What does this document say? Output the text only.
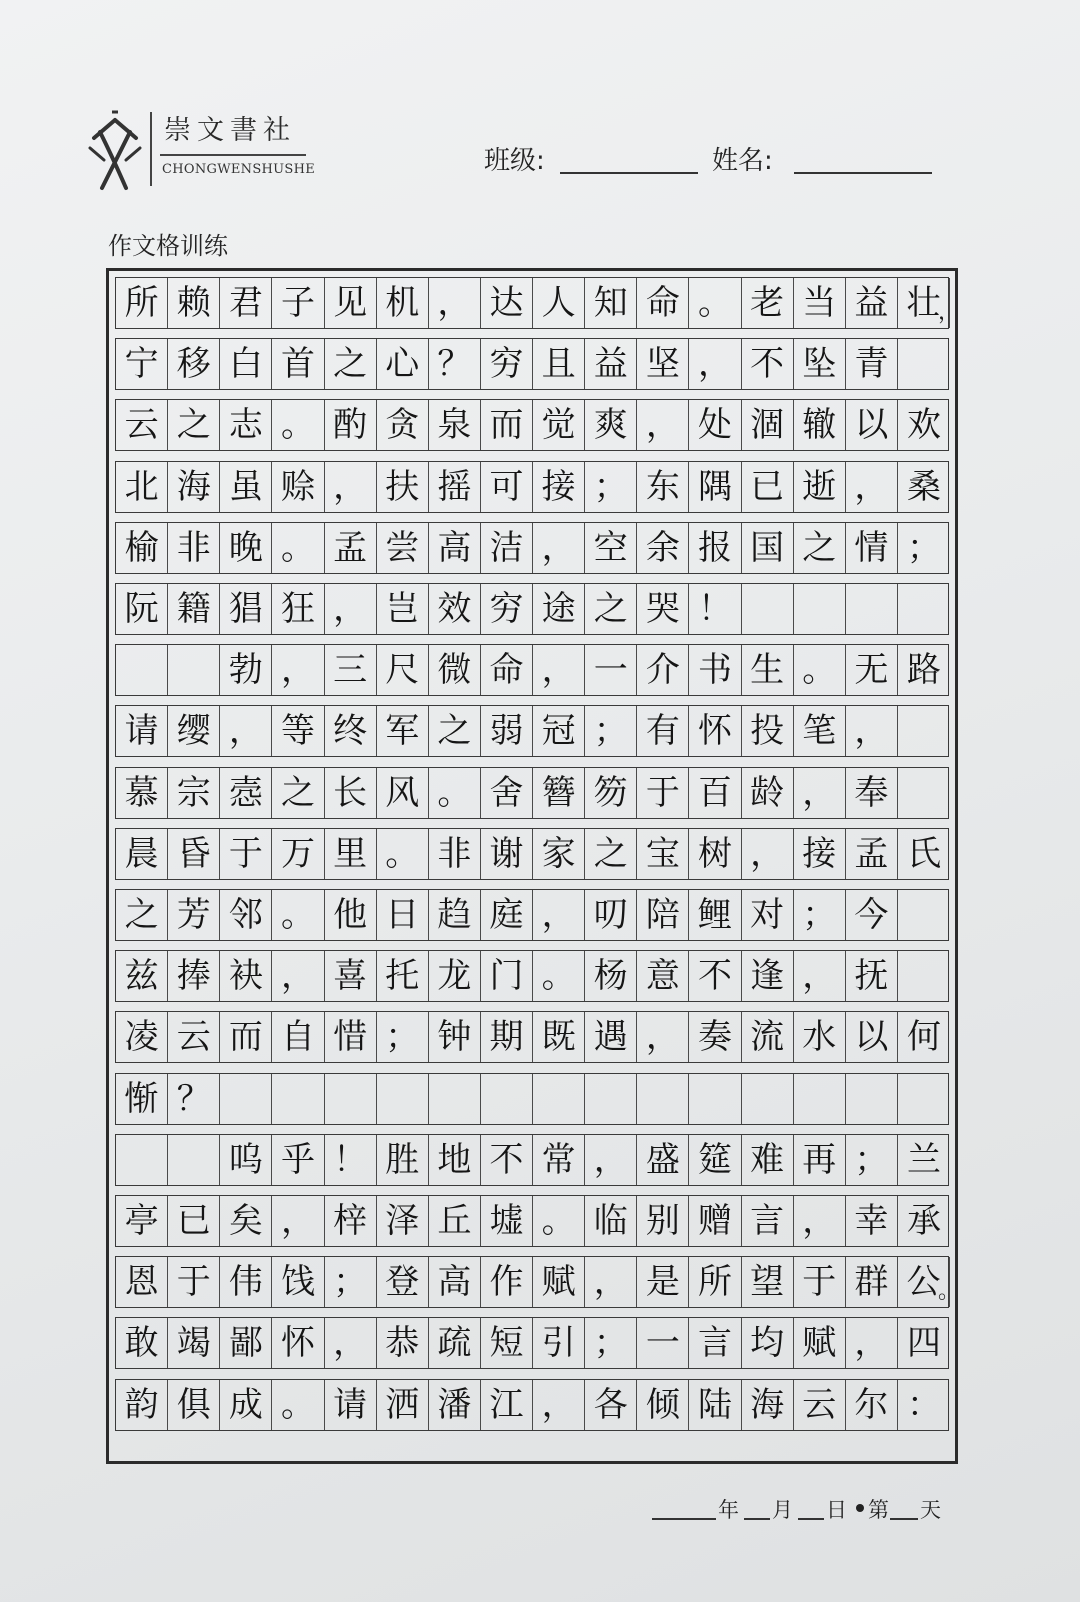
崇文書社
CHONGWENSHUSHE	班级:	姓名:
作文格训练
所 赖 君 子 见 机 ， 达 人 知 命 。 老 当 益 壮
，
宁 移 白 首 之 心 ？ 穷 且 益 坚 ， 不 坠 青
云 之 志 。 酌 贪 泉 而 觉 爽 ， 处 涸 辙 以 欢
北 海 虽 赊 ， 扶 摇 可 接 ； 东 隅 已 逝 ， 桑
榆 非 晚 。 孟 尝 高 洁 ， 空 余 报 国 之 情 ；
阮 籍 猖 狂 ， 岂 效 穷 途 之 哭 ！
勃 ， 三 尺 微 命 ， 一 介 书 生 。 无 路
请 缨 ， 等 终 军 之 弱 冠 ； 有 怀 投 笔 ，
慕 宗 悫 之 长 风 。 舍 簪 笏 于 百 龄 ， 奉
晨 昏 于 万 里 。 非 谢 家 之 宝 树 ， 接 孟 氏
之 芳 邻 。 他 日 趋 庭 ， 叨 陪 鲤 对 ； 今
兹 捧 袂 ， 喜 托 龙 门 。 杨 意 不 逢 ， 抚
凌 云 而 自 惜 ； 钟 期 既 遇 ， 奏 流 水 以 何
惭 ？
呜 乎 ！ 胜 地 不 常 ， 盛 筵 难 再 ； 兰
亭 已 矣 ， 梓 泽 丘 墟 。 临 别 赠 言 ， 幸 承
恩 于 伟 饯 ； 登 高 作 赋 ， 是 所 望 于 群 公
。
敢 竭 鄙 怀 ， 恭 疏 短 引 ； 一 言 均 赋 ， 四
韵 俱 成 。 请 洒 潘 江 ， 各 倾 陆 海 云 尔 ：
年 月 日 第 天
